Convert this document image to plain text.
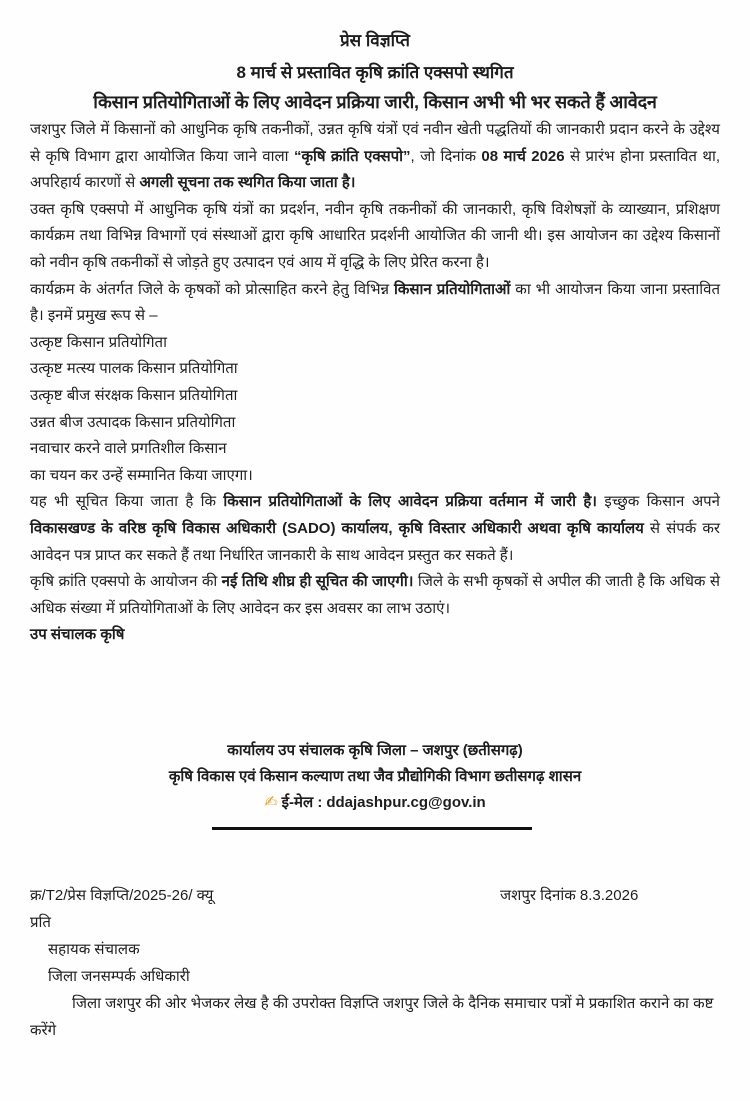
प्रेस विज्ञप्ति
8 मार्च से प्रस्तावित कृषि क्रांति एक्सपो स्थगित
किसान प्रतियोगिताओं के लिए आवेदन प्रक्रिया जारी, किसान अभी भी भर सकते हैं आवेदन

जशपुर जिले में किसानों को आधुनिक कृषि तकनीकों, उन्नत कृषि यंत्रों एवं नवीन खेती पद्धतियों की जानकारी प्रदान करने के उद्देश्य से कृषि विभाग द्वारा आयोजित किया जाने वाला “कृषि क्रांति एक्सपो”, जो दिनांक 08 मार्च 2026 से प्रारंभ होना प्रस्तावित था, अपरिहार्य कारणों से अगली सूचना तक स्थगित किया जाता है।

उक्त कृषि एक्सपो में आधुनिक कृषि यंत्रों का प्रदर्शन, नवीन कृषि तकनीकों की जानकारी, कृषि विशेषज्ञों के व्याख्यान, प्रशिक्षण कार्यक्रम तथा विभिन्न विभागों एवं संस्थाओं द्वारा कृषि आधारित प्रदर्शनी आयोजित की जानी थी। इस आयोजन का उद्देश्य किसानों को नवीन कृषि तकनीकों से जोड़ते हुए उत्पादन एवं आय में वृद्धि के लिए प्रेरित करना है।

कार्यक्रम के अंतर्गत जिले के कृषकों को प्रोत्साहित करने हेतु विभिन्न किसान प्रतियोगिताओं का भी आयोजन किया जाना प्रस्तावित है। इनमें प्रमुख रूप से –

उत्कृष्ट किसान प्रतियोगिता
उत्कृष्ट मत्स्य पालक किसान प्रतियोगिता
उत्कृष्ट बीज संरक्षक किसान प्रतियोगिता
उन्नत बीज उत्पादक किसान प्रतियोगिता
नवाचार करने वाले प्रगतिशील किसान
का चयन कर उन्हें सम्मानित किया जाएगा।

यह भी सूचित किया जाता है कि किसान प्रतियोगिताओं के लिए आवेदन प्रक्रिया वर्तमान में जारी है। इच्छुक किसान अपने विकासखण्ड के वरिष्ठ कृषि विकास अधिकारी (SADO) कार्यालय, कृषि विस्तार अधिकारी अथवा कृषि कार्यालय से संपर्क कर आवेदन पत्र प्राप्त कर सकते हैं तथा निर्धारित जानकारी के साथ आवेदन प्रस्तुत कर सकते हैं।

कृषि क्रांति एक्सपो के आयोजन की नई तिथि शीघ्र ही सूचित की जाएगी। जिले के सभी कृषकों से अपील की जाती है कि अधिक से अधिक संख्या में प्रतियोगिताओं के लिए आवेदन कर इस अवसर का लाभ उठाएं।

उप संचालक कृषि

कार्यालय उप संचालक कृषि जिला – जशपुर (छतीसगढ़)
कृषि विकास एवं किसान कल्याण तथा जैव प्रौद्योगिकी विभाग छतीसगढ़ शासन
✍ ई-मेल : ddajashpur.cg@gov.in
क्र/T2/प्रेस विज्ञप्ति/2025-26/ क्यू	जशपुर दिनांक 8.3.2026
प्रति
सहायक संचालक
जिला जनसम्पर्क अधिकारी
जिला जशपुर की ओर भेजकर लेख है की उपरोक्त विज्ञप्ति जशपुर जिले के दैनिक समाचार पत्रों मे प्रकाशित कराने का कष्ट करेंगे
